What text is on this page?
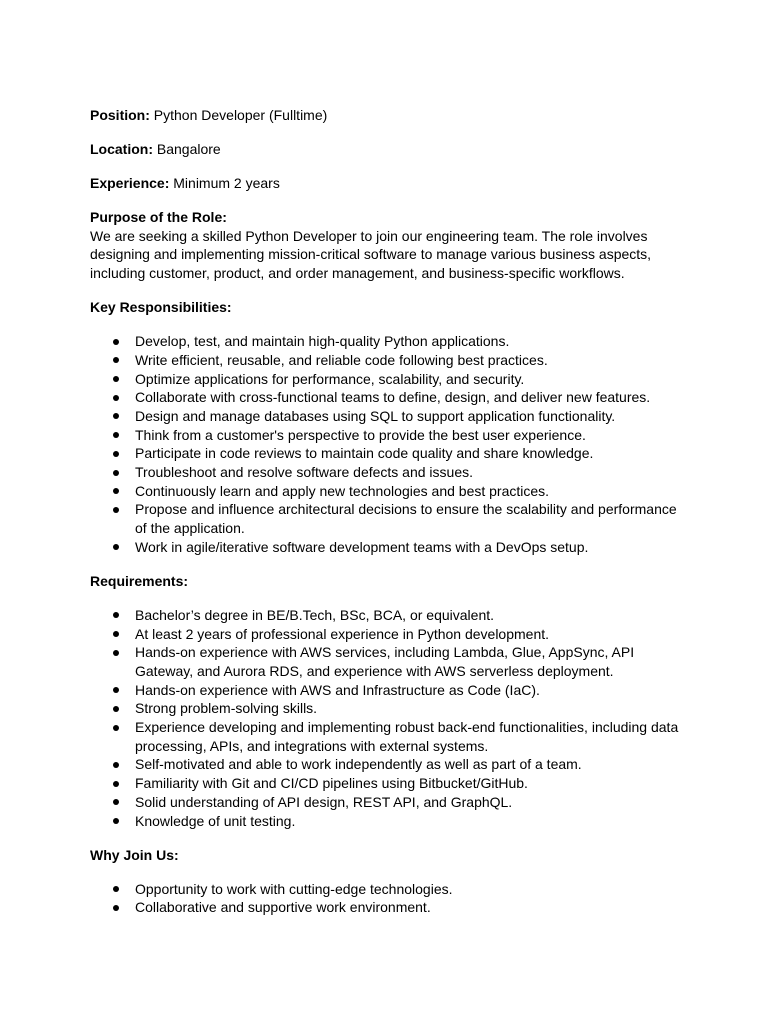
Position: Python Developer (Fulltime)

Location: Bangalore

Experience: Minimum 2 years

Purpose of the Role:

We are seeking a skilled Python Developer to join our engineering team. The role involves designing and implementing mission-critical software to manage various business aspects, including customer, product, and order management, and business-specific workflows.

Key Responsibilities:

Develop, test, and maintain high-quality Python applications.
Write efficient, reusable, and reliable code following best practices.
Optimize applications for performance, scalability, and security.
Collaborate with cross-functional teams to define, design, and deliver new features.
Design and manage databases using SQL to support application functionality.
Think from a customer's perspective to provide the best user experience.
Participate in code reviews to maintain code quality and share knowledge.
Troubleshoot and resolve software defects and issues.
Continuously learn and apply new technologies and best practices.
Propose and influence architectural decisions to ensure the scalability and performance of the application.
Work in agile/iterative software development teams with a DevOps setup.

Requirements:

Bachelor’s degree in BE/B.Tech, BSc, BCA, or equivalent.
At least 2 years of professional experience in Python development.
Hands-on experience with AWS services, including Lambda, Glue, AppSync, API Gateway, and Aurora RDS, and experience with AWS serverless deployment.
Hands-on experience with AWS and Infrastructure as Code (IaC).
Strong problem-solving skills.
Experience developing and implementing robust back-end functionalities, including data processing, APIs, and integrations with external systems.
Self-motivated and able to work independently as well as part of a team.
Familiarity with Git and CI/CD pipelines using Bitbucket/GitHub.
Solid understanding of API design, REST API, and GraphQL.
Knowledge of unit testing.

Why Join Us:

Opportunity to work with cutting-edge technologies.
Collaborative and supportive work environment.
